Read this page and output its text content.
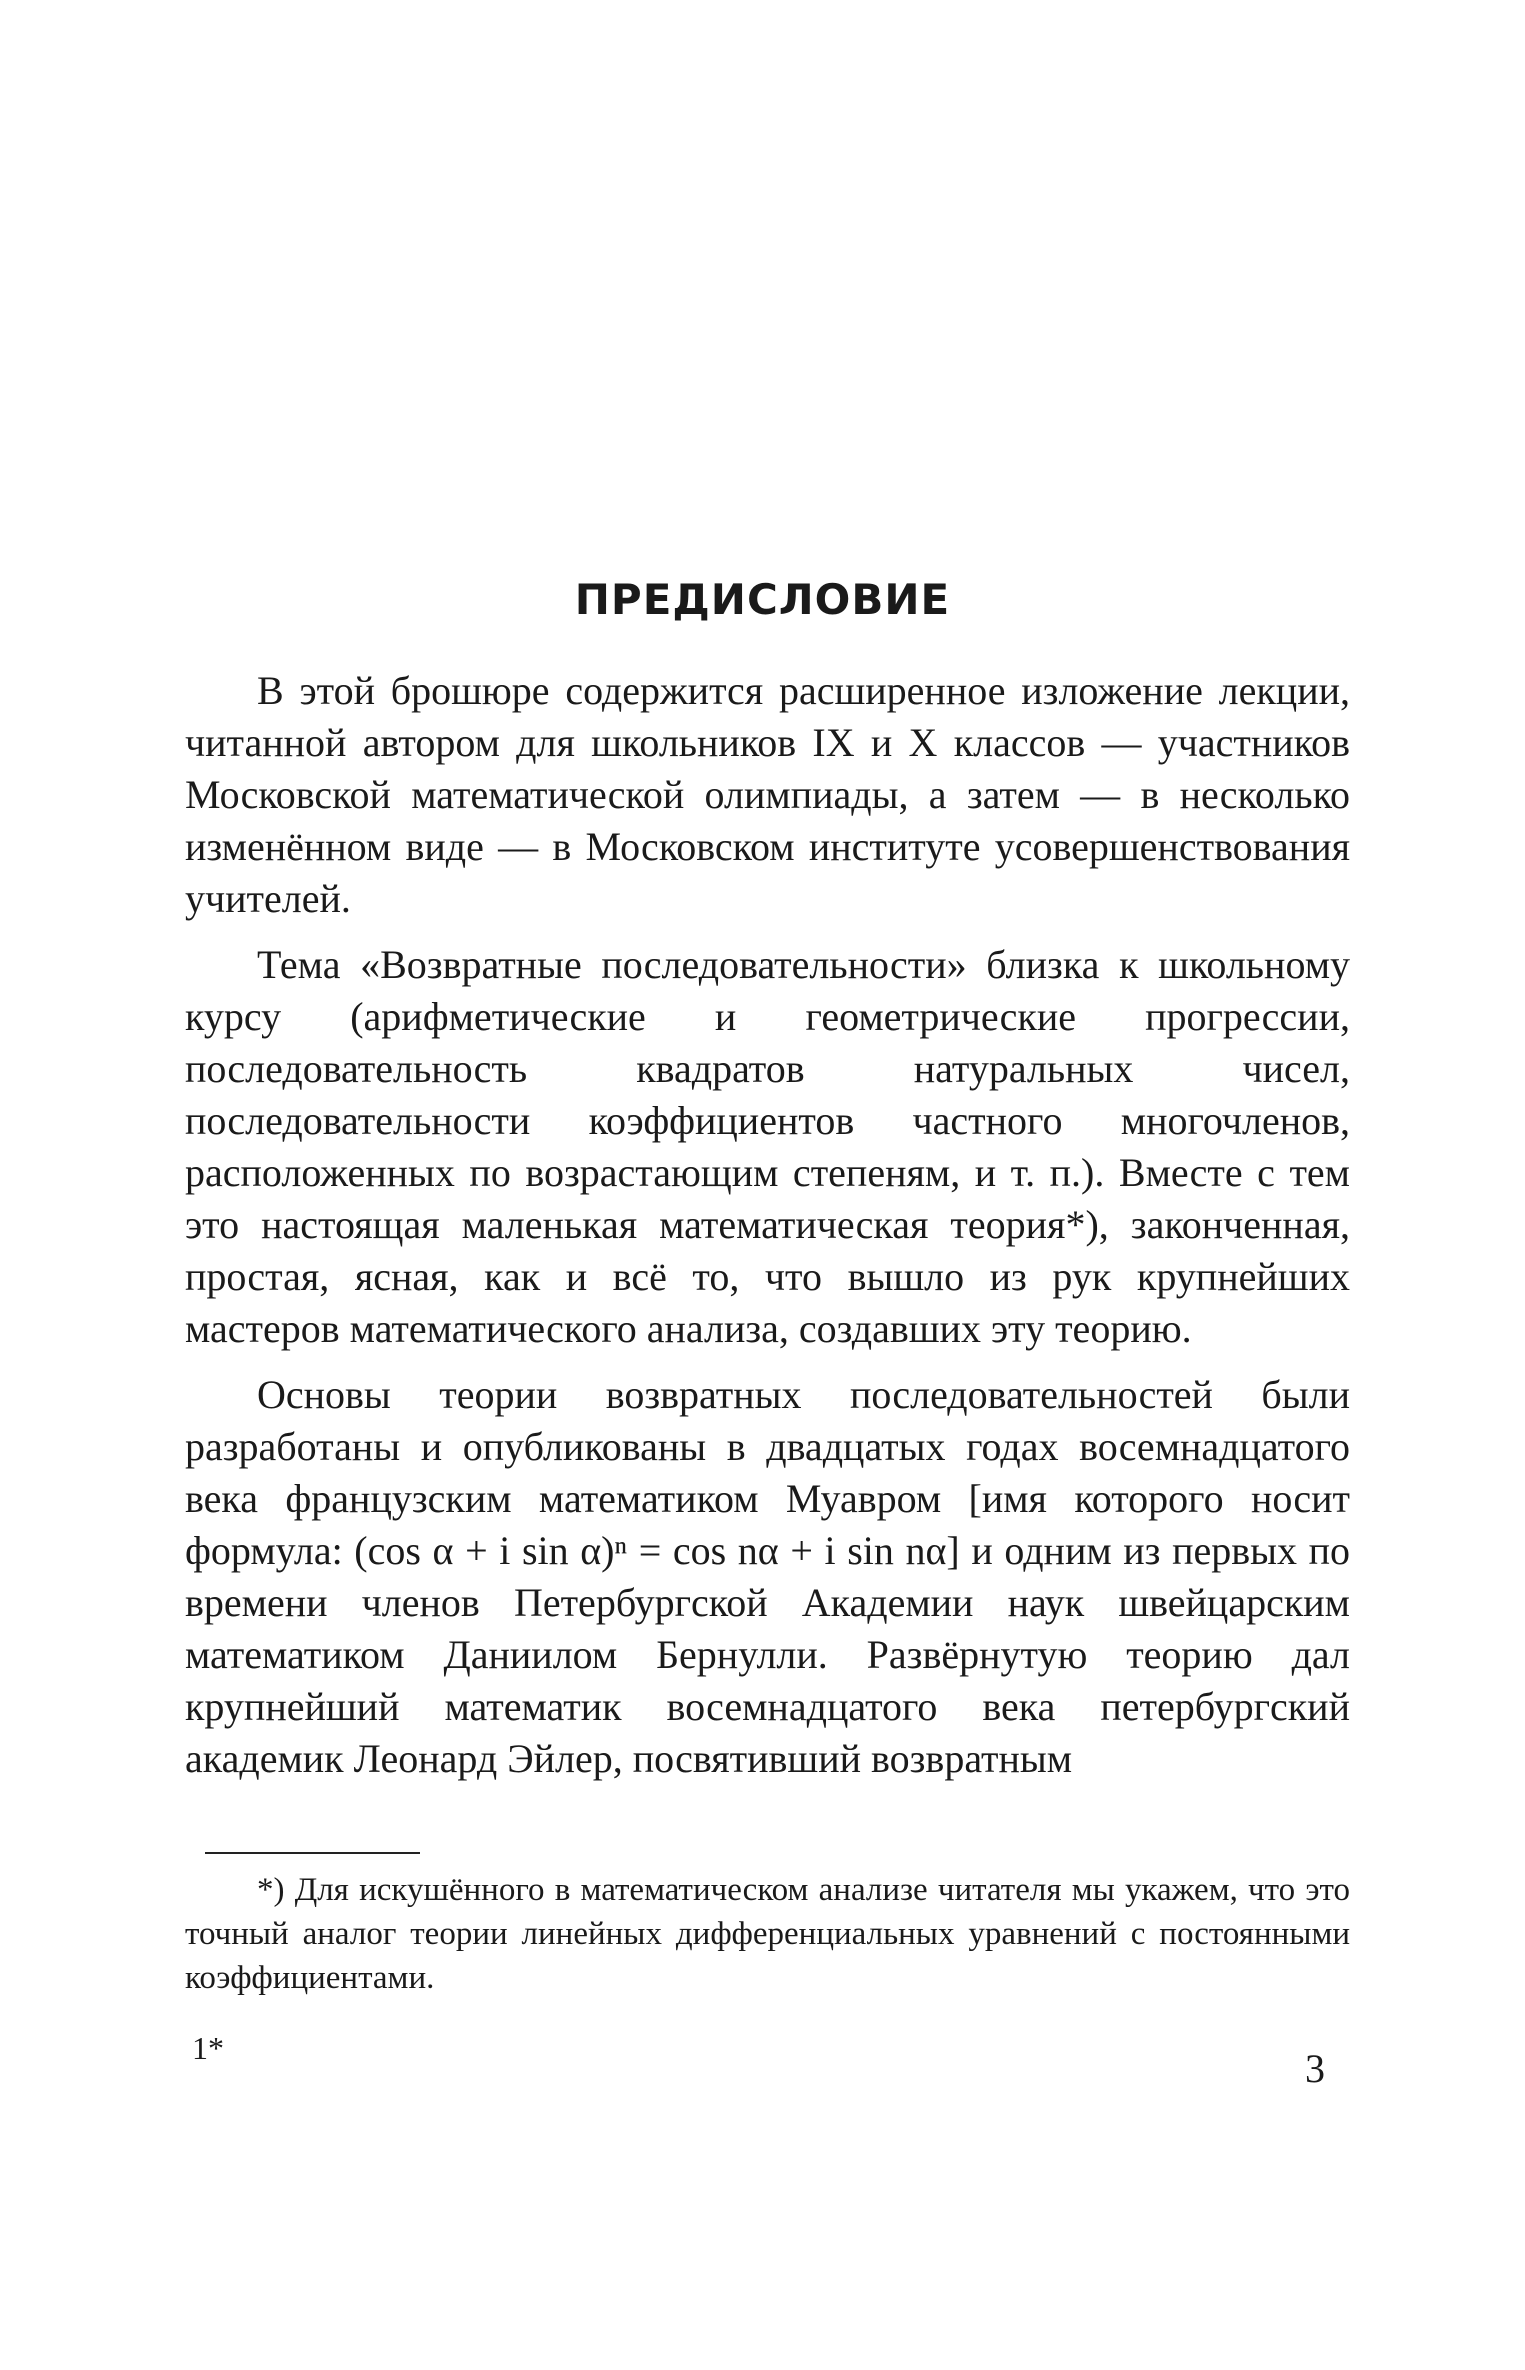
ПРЕДИСЛОВИЕ

В этой брошюре содержится расширенное изложение лекции, читанной автором для школьников IX и X классов — участников Московской математической олимпиады, а затем — в несколько изменённом виде — в Московском институте усовершенствования учителей.

Тема «Возвратные последовательности» близка к школьному курсу (арифметические и геометрические прогрессии, последовательность квадратов натуральных чисел, последовательности коэффициентов частного многочленов, расположенных по возрастающим степеням, и т. п.). Вместе с тем это настоящая маленькая математическая теория*), законченная, простая, ясная, как и всё то, что вышло из рук крупнейших мастеров математического анализа, создавших эту теорию.

Основы теории возвратных последовательностей были разработаны и опубликованы в двадцатых годах восемнадцатого века французским математиком Муавром [имя которого носит формула: (cos α + i sin α)ⁿ = cos nα + i sin nα] и одним из первых по времени членов Петербургской Академии наук швейцарским математиком Даниилом Бернулли. Развёрнутую теорию дал крупнейший математик восемнадцатого века петербургский академик Леонард Эйлер, посвятивший возвратным

*) Для искушённого в математическом анализе читателя мы укажем, что это точный аналог теории линейных дифференциальных уравнений с постоянными коэффициентами.

1*	3
